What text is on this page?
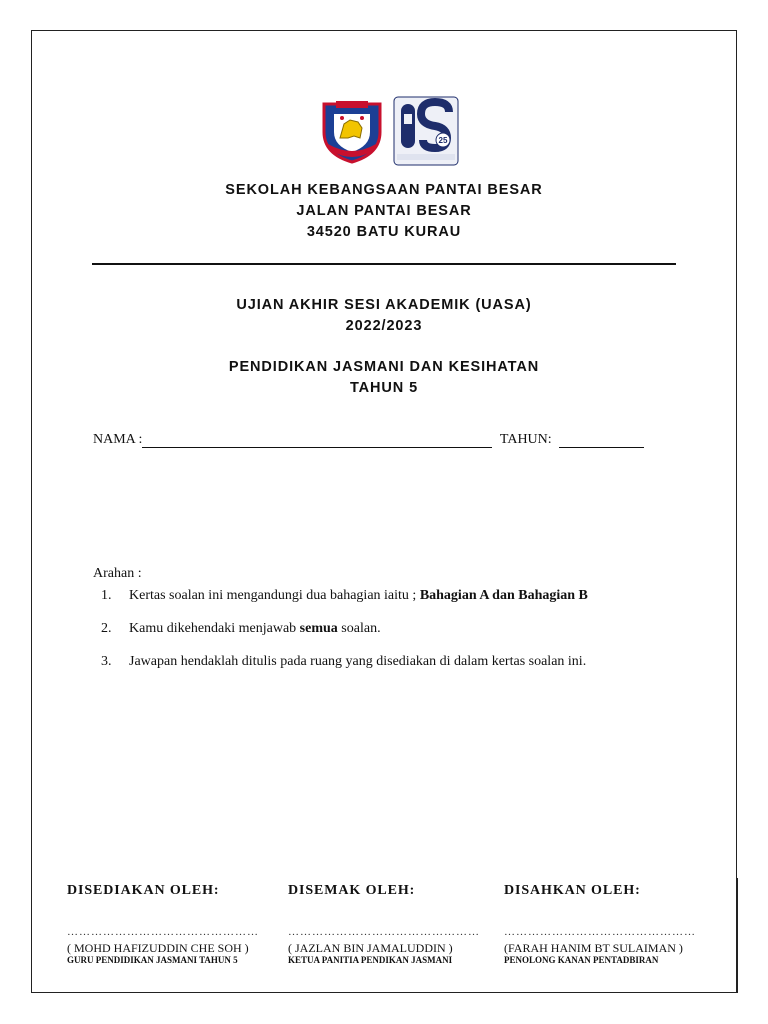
25
SEKOLAH KEBANGSAAN PANTAI BESAR
JALAN PANTAI BESAR
34520 BATU KURAU
UJIAN AKHIR SESI AKADEMIK (UASA)
2022/2023
PENDIDIKAN JASMANI DAN KESIHATAN
TAHUN 5
NAMA :	TAHUN:
Arahan :
1. Kertas soalan ini mengandungi dua bahagian iaitu ; Bahagian A dan Bahagian B
2. Kamu dikehendaki menjawab semua soalan.
3. Jawapan hendaklah ditulis pada ruang yang disediakan di dalam kertas soalan ini.
DISEDIAKAN OLEH:
…………………………………………
( MOHD HAFIZUDDIN CHE SOH )
GURU PENDIDIKAN JASMANI TAHUN 5
DISEMAK OLEH:
…………………………………………
( JAZLAN BIN JAMALUDDIN )
KETUA PANITIA PENDIKAN JASMANI
DISAHKAN OLEH:
…………………………………………
(FARAH HANIM BT SULAIMAN )
PENOLONG KANAN PENTADBIRAN
